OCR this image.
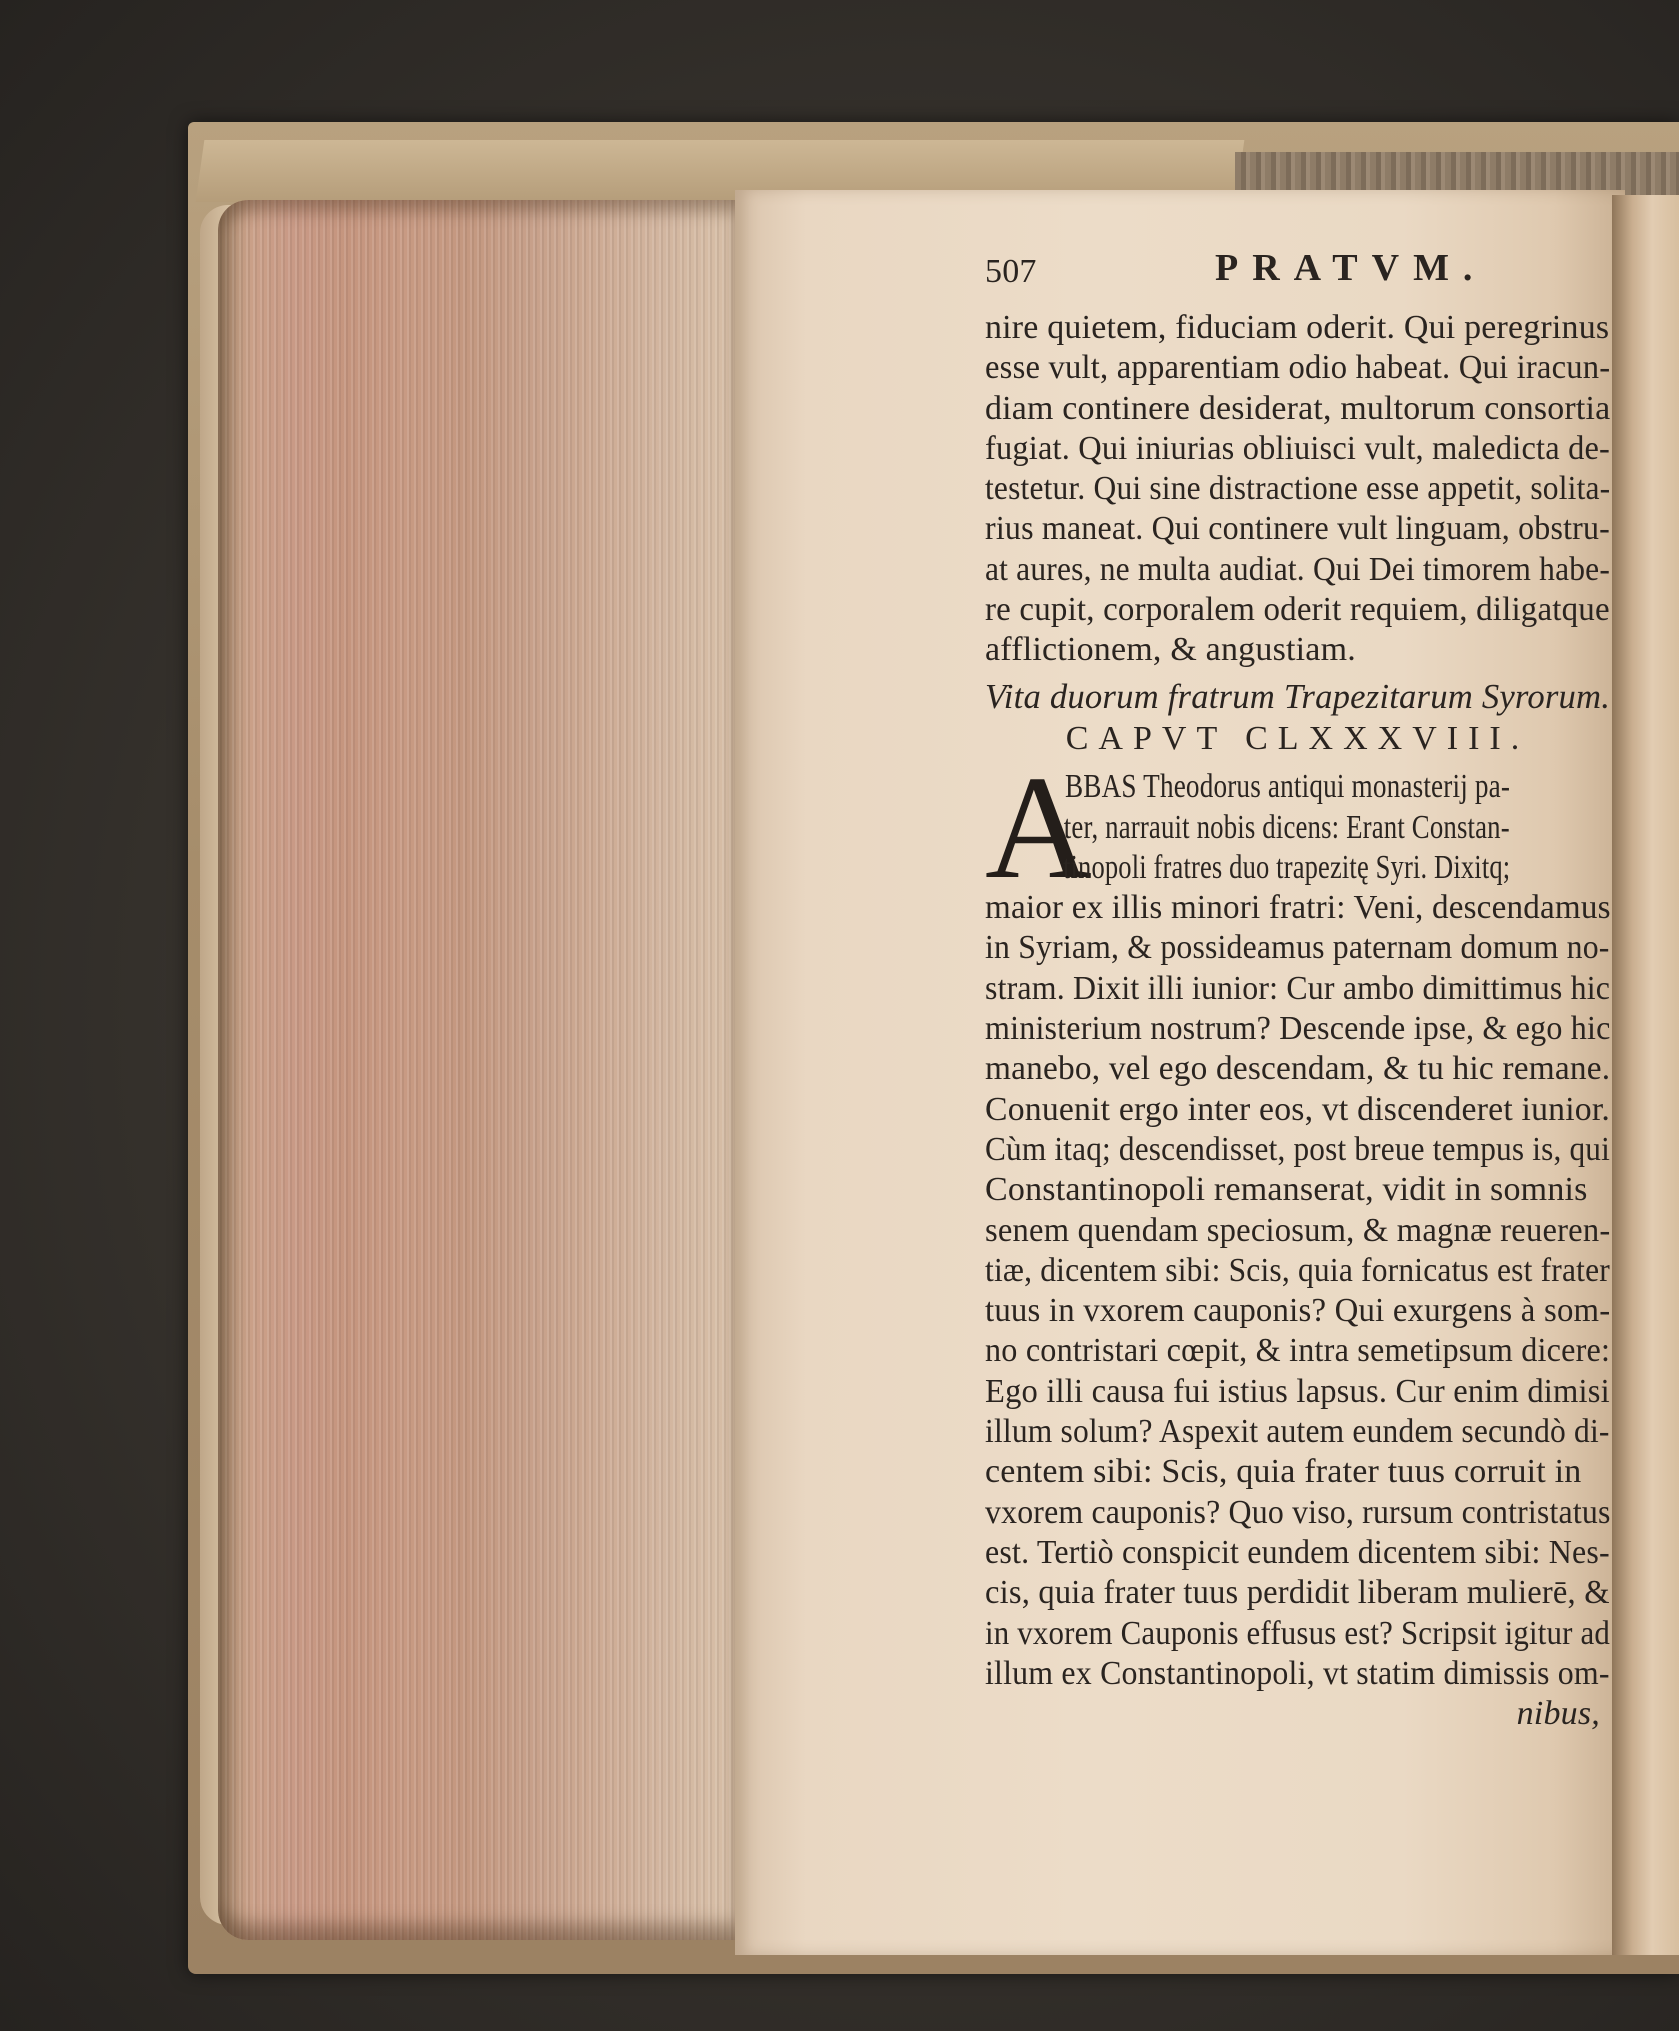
507	PRATVM.
nire quietem, fiduciam oderit. Qui peregrinus
esse vult, apparentiam odio habeat. Qui iracun-
diam continere desiderat, multorum consortia
fugiat. Qui iniurias obliuisci vult, maledicta de-
testetur. Qui sine distractione esse appetit, solita-
rius maneat. Qui continere vult linguam, obstru-
at aures, ne multa audiat. Qui Dei timorem habe-
re cupit, corporalem oderit requiem, diligatque
afflictionem, & angustiam.
Vita duorum fratrum Trapezitarum Syrorum.
CAPVT CLXXXVIII.
A
BBAS Theodorus antiqui monasterij pa-
ter, narrauit nobis dicens: Erant Constan-
tinopoli fratres duo trapezitę Syri. Dixitq;
maior ex illis minori fratri: Veni, descendamus
in Syriam, & possideamus paternam domum no-
stram. Dixit illi iunior: Cur ambo dimittimus hic
ministerium nostrum? Descende ipse, & ego hic
manebo, vel ego descendam, & tu hic remane.
Conuenit ergo inter eos, vt discenderet iunior.
Cùm itaq; descendisset, post breue tempus is, qui
Constantinopoli remanserat, vidit in somnis
senem quendam speciosum, & magnæ reueren-
tiæ, dicentem sibi: Scis, quia fornicatus est frater
tuus in vxorem cauponis? Qui exurgens à som-
no contristari cœpit, & intra semetipsum dicere:
Ego illi causa fui istius lapsus. Cur enim dimisi
illum solum? Aspexit autem eundem secundò di-
centem sibi: Scis, quia frater tuus corruit in
vxorem cauponis? Quo viso, rursum contristatus
est. Tertiò conspicit eundem dicentem sibi: Nes-
cis, quia frater tuus perdidit liberam mulierē, &
in vxorem Cauponis effusus est? Scripsit igitur ad
illum ex Constantinopoli, vt statim dimissis om-
nibus,
